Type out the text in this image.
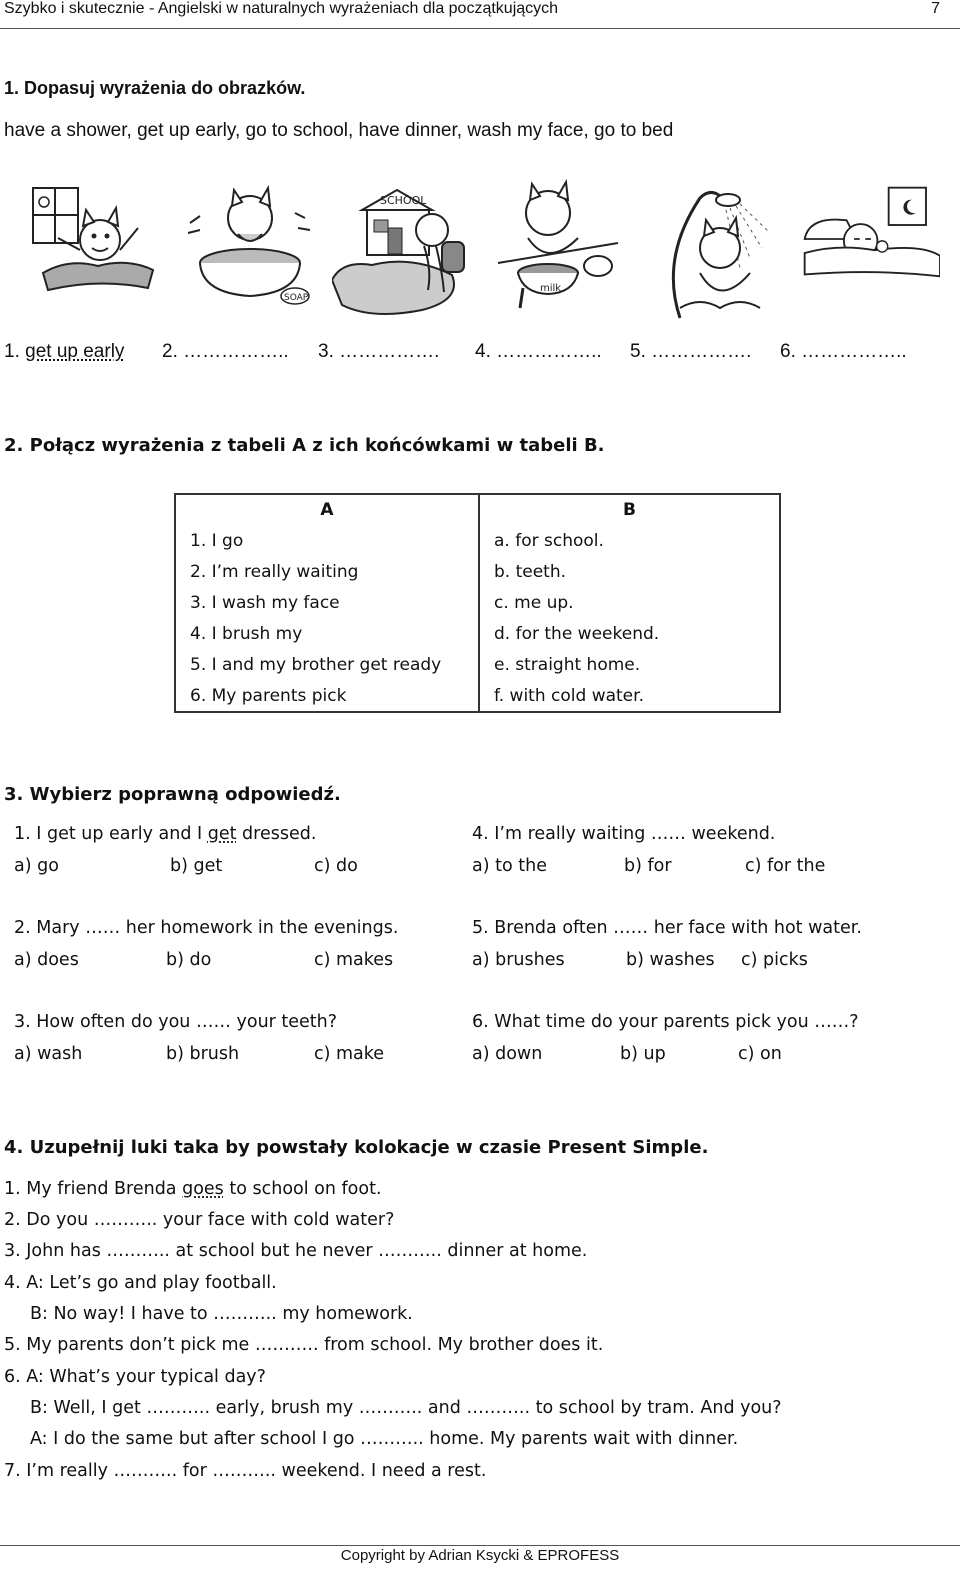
Szybko i skutecznie - Angielski w naturalnych wyrażeniach dla początkujących	7
1. Dopasuj wyrażenia do obrazków.
have a shower, get up early, go to school, have dinner, wash my face, go to bed
SOAP
SCHOOL
milk
1. get up early 2. …………….. 3. ……………. 4. …………….. 5. ……………. 6. ……………..
2. Połącz wyrażenia z tabeli A z ich końcówkami w tabeli B.
A	B
1. I go	a. for school.
2. I’m really waiting	b. teeth.
3. I wash my face	c. me up.
4. I brush my	d. for the weekend.
5. I and my brother get ready	e. straight home.
6. My parents pick	f. with cold water.
3. Wybierz poprawną odpowiedź.
1. I get up early and I get dressed.
a) go	b) get	c) do
4. I’m really waiting …… weekend.
a) to the	b) for	c) for the
2. Mary …… her homework in the evenings.
a) does	b) do	c) makes
5. Brenda often …… her face with hot water.
a) brushes	b) washes c) picks
3. How often do you …… your teeth?
a) wash	b) brush	c) make
6. What time do your parents pick you ……?
a) down	b) up	c) on
4. Uzupełnij luki taka by powstały kolokacje w czasie Present Simple.
1. My friend Brenda goes to school on foot.
2. Do you ……….. your face with cold water?
3. John has ……….. at school but he never ……….. dinner at home.
4. A: Let’s go and play football.
B: No way! I have to ……….. my homework.
5. My parents don’t pick me ……….. from school. My brother does it.
6. A: What’s your typical day?
B: Well, I get ……….. early, brush my ……….. and ……….. to school by tram. And you?
A: I do the same but after school I go ……….. home. My parents wait with dinner.
7. I’m really ……….. for ……….. weekend. I need a rest.
Copyright by Adrian Ksycki & EPROFESS
